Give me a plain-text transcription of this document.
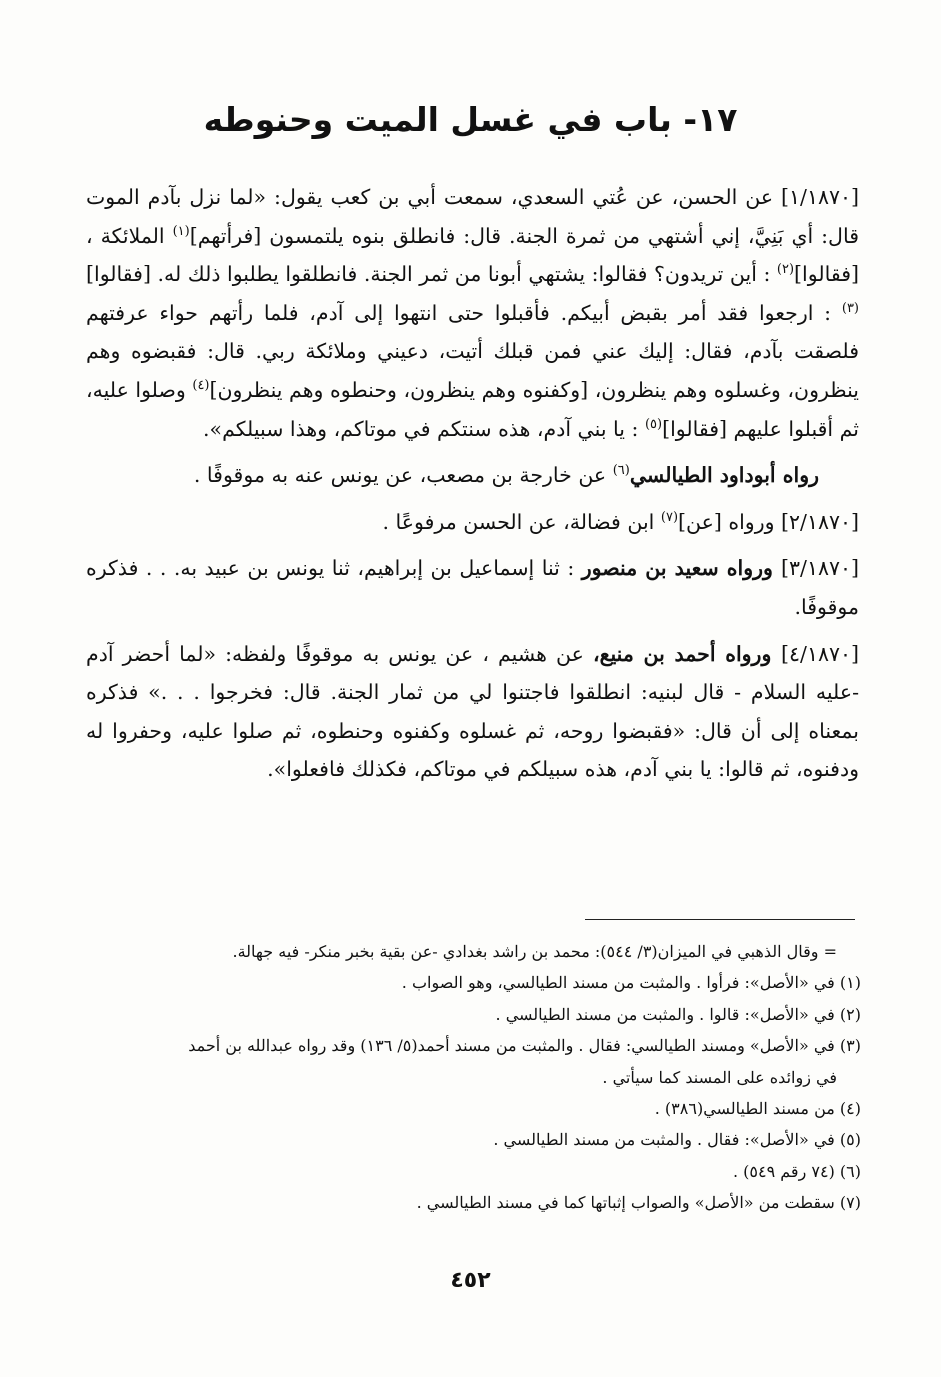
١٧- باب في غسل الميت وحنوطه

[١/١٨٧٠] عن الحسن، عن عُتي السعدي، سمعت أبي بن كعب يقول: «لما نزل بآدم الموت قال: أي بَنِيَّ، إني أشتهي من ثمرة الجنة. قال: فانطلق بنوه يلتمسون [فرأتهم]$^{(١)}$ الملائكة ، [فقالوا]$^{(٢)}$ : أين تريدون؟ فقالوا: يشتهي أبونا من ثمر الجنة. فانطلقوا يطلبوا ذلك له. [فقالوا]$^{(٣)}$ : ارجعوا فقد أمر بقبض أبيكم. فأقبلوا حتى انتهوا إلى آدم، فلما رأتهم حواء عرفتهم فلصقت بآدم، فقال: إليك عني فمن قبلك أتيت، دعيني وملائكة ربي. قال: فقبضوه وهم ينظرون، وغسلوه وهم ينظرون، [وكفنوه وهم ينظرون، وحنطوه وهم ينظرون]$^{(٤)}$ وصلوا عليه، ثم أقبلوا عليهم [فقالوا]$^{(٥)}$ : يا بني آدم، هذه سنتكم في موتاكم، وهذا سبيلكم».

رواه أبوداود الطيالسي$^{(٦)}$ عن خارجة بن مصعب، عن يونس عنه به موقوفًا .

[٢/١٨٧٠] ورواه [عن]$^{(٧)}$ ابن فضالة، عن الحسن مرفوعًا .

[٣/١٨٧٠] ورواه سعيد بن منصور : ثنا إسماعيل بن إبراهيم، ثنا يونس بن عبيد به. . . فذكره موقوفًا.

[٤/١٨٧٠] ورواه أحمد بن منيع، عن هشيم ، عن يونس به موقوفًا ولفظه: «لما أحضر آدم -عليه السلام - قال لبنيه: انطلقوا فاجتنوا لي من ثمار الجنة. قال: فخرجوا . . .» فذكره بمعناه إلى أن قال: «فقبضوا روحه، ثم غسلوه وكفنوه وحنطوه، ثم صلوا عليه، وحفروا له ودفنوه، ثم قالوا: يا بني آدم، هذه سبيلكم في موتاكم، فكذلك فافعلوا».

= وقال الذهبي في الميزان(٣/ ٥٤٤): محمد بن راشد بغدادي -عن بقية بخبر منكر- فيه جهالة.
(١) في «الأصل»: فرأوا . والمثبت من مسند الطيالسي، وهو الصواب .
(٢) في «الأصل»: قالوا . والمثبت من مسند الطيالسي .
(٣) في «الأصل» ومسند الطيالسي: فقال . والمثبت من مسند أحمد(٥/ ١٣٦) وقد رواه عبدالله بن أحمد
في زوائده على المسند كما سيأتي .
(٤) من مسند الطيالسي(٣٨٦) .
(٥) في «الأصل»: فقال . والمثبت من مسند الطيالسي .
(٦) (٧٤ رقم ٥٤٩) .
(٧) سقطت من «الأصل» والصواب إثباتها كما في مسند الطيالسي .
٤٥٢
